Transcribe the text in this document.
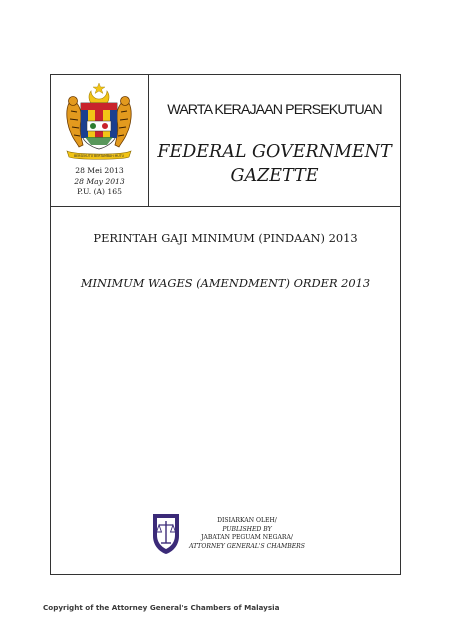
BERSEKUTU BERTAMBAH MUTU
28 Mei 2013
28 May 2013
P.U. (A) 165
WARTA KERAJAAN PERSEKUTUAN
FEDERAL GOVERNMENT
GAZETTE
PERINTAH GAJI MINIMUM (PINDAAN) 2013
MINIMUM WAGES (AMENDMENT) ORDER 2013
DISIARKAN OLEH/
PUBLISHED BY
JABATAN PEGUAM NEGARA/
ATTORNEY GENERAL'S CHAMBERS
Copyright of the Attorney General's Chambers of Malaysia
